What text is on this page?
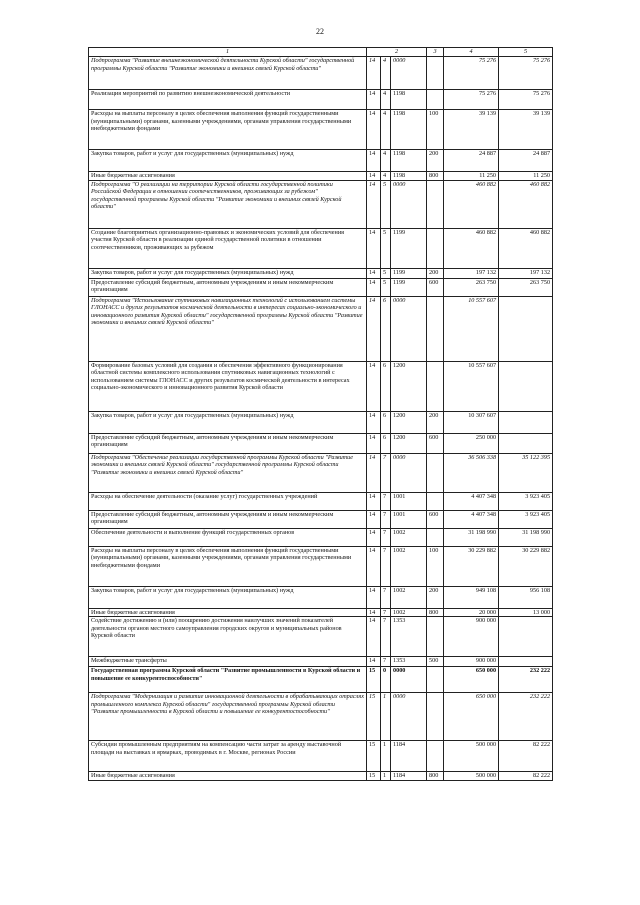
22
1	2			3	4	5
Подпрограмма "Развитие внешнеэкономической деятельности Курской области" государственной программы Курской области "Развитие экономики и внешних связей Курской области"	14	4	0000		75 276	75 276
Реализация мероприятий по развитию внешнеэкономической деятельности	14	4	1198		75 276	75 276
Расходы на выплаты персоналу в целях обеспечения выполнения функций государственными (муниципальными) органами, казенными учреждениями, органами управления государственными внебюджетными фондами	14	4	1198	100	39 139	39 139
Закупка товаров, работ и услуг для государственных (муниципальных) нужд	14	4	1198	200	24 887	24 887
Иные бюджетные ассигнования	14	4	1198	800	11 250	11 250
Подпрограмма "О реализации на территории Курской области государственной политики Российской Федерации в отношении соотечественников, проживающих за рубежом" государственной программы Курской области "Развитие экономики и внешних связей Курской области"	14	5	0000		460 882	460 882
Создание благоприятных организационно-правовых и экономических условий для обеспечения участия Курской области в реализации единой государственной политики в отношении соотечественников, проживающих за рубежом	14	5	1199		460 882	460 882
Закупка товаров, работ и услуг для государственных (муниципальных) нужд	14	5	1199	200	197 132	197 132
Предоставление субсидий бюджетным, автономным учреждениям и иным некоммерческим организациям	14	5	1199	600	263 750	263 750
Подпрограмма "Использование спутниковых навигационных технологий с использованием системы ГЛОНАСС и других результатов космической деятельности в интересах социально-экономического и инновационного развития Курской области" государственной программы Курской области "Развитие экономики и внешних связей Курской области"	14	6	0000		10 557 607	
Формирование базовых условий для создания и обеспечения эффективного функционирования областной системы комплексного использования спутниковых навигационных технологий с использованием системы ГЛОНАСС и других результатов космической деятельности в интересах социально-экономического и инновационного развития Курской области	14	6	1200		10 557 607	
Закупка товаров, работ и услуг для государственных (муниципальных) нужд	14	6	1200	200	10 307 607	
Предоставление субсидий бюджетным, автономным учреждениям и иным некоммерческим организациям	14	6	1200	600	250 000	
Подпрограмма "Обеспечение реализации государственной программы Курской области "Развитие экономики и внешних связей Курской области" государственной программы Курской области "Развитие экономики и внешних связей Курской области"	14	7	0000		36 506 338	35 122 395
Расходы на обеспечение деятельности (оказание услуг) государственных учреждений	14	7	1001		4 407 348	3 923 405
Предоставление субсидий бюджетным, автономным учреждениям и иным некоммерческим организациям	14	7	1001	600	4 407 348	3 923 405
Обеспечение деятельности и выполнение функций государственных органов	14	7	1002		31 198 990	31 198 990
Расходы на выплаты персоналу в целях обеспечения выполнения функций государственными (муниципальными) органами, казенными учреждениями, органами управления государственными внебюджетными фондами	14	7	1002	100	30 229 882	30 229 882
Закупка товаров, работ и услуг для государственных (муниципальных) нужд	14	7	1002	200	949 108	956 108
Иные бюджетные ассигнования	14	7	1002	800	20 000	13 000
Содействие достижению и (или) поощрению достижения наилучших значений показателей деятельности органов местного самоуправления городских округов и муниципальных районов Курской области	14	7	1353		900 000	
Межбюджетные трансферты	14	7	1353	500	900 000	
Государственная программа Курской области "Развитие промышленности в Курской области и повышение ее конкурентоспособности"	15	0	0000		650 000	232 222
Подпрограмма "Модернизация и развитие инновационной деятельности в обрабатывающих отраслях промышленного комплекса Курской области" государственной программы Курской области "Развитие промышленности в Курской области и повышение ее конкурентоспособности"	15	1	0000		650 000	232 222
Субсидии промышленным предприятиям на компенсацию части затрат за аренду выставочной площади на выставках и ярмарках, проводимых в г. Москве, регионах России	15	1	1184		500 000	82 222
Иные бюджетные ассигнования	15	1	1184	800	500 000	82 222
